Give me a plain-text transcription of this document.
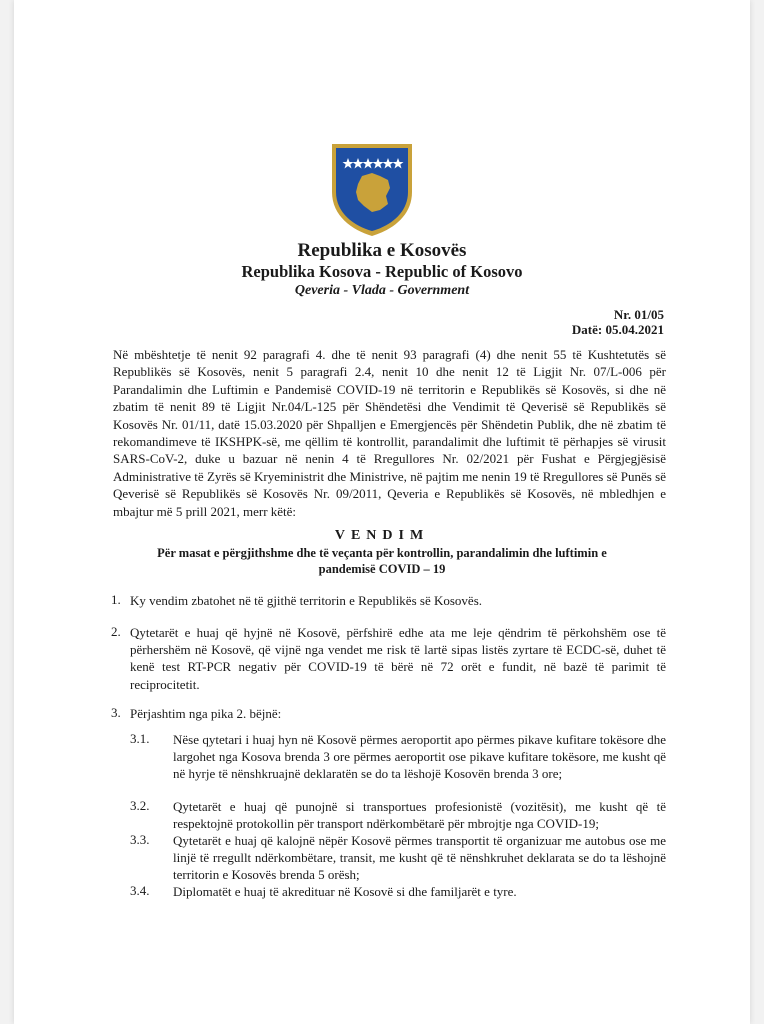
Republika e Kosovës
Republika Kosova - Republic of Kosovo
Qeveria - Vlada - Government
Nr. 01/05
Datë: 05.04.2021
Në mbështetje të nenit 92 paragrafi 4. dhe të nenit 93 paragrafi (4) dhe nenit 55 të Kushtetutës së Republikës së Kosovës, nenit 5 paragrafi 2.4, nenit 10 dhe nenit 12 të Ligjit Nr. 07/L-006 për Parandalimin dhe Luftimin e Pandemisë COVID-19 në territorin e Republikës së Kosovës, si dhe në zbatim të nenit 89 të Ligjit Nr.04/L-125 për Shëndetësi dhe Vendimit të Qeverisë së Republikës së Kosovës Nr. 01/11, datë 15.03.2020 për Shpalljen e Emergjencës për Shëndetin Publik, dhe në zbatim të rekomandimeve të IKSHPK-së, me qëllim të kontrollit, parandalimit dhe luftimit të përhapjes së virusit SARS-CoV-2, duke u bazuar në nenin 4 të Rregullores Nr. 02/2021 për Fushat e Përgjegjësisë Administrative të Zyrës së Kryeministrit dhe Ministrive, në pajtim me nenin 19 të Rregullores së Punës së Qeverisë së Republikës së Kosovës Nr. 09/2011, Qeveria e Republikës së Kosovës, në mbledhjen e mbajtur më 5 prill 2021, merr këtë:
VENDIM
Për masat e përgjithshme dhe të veçanta për kontrollin, parandalimin dhe luftimin e pandemisë COVID – 19
1. Ky vendim zbatohet në të gjithë territorin e Republikës së Kosovës.
2. Qytetarët e huaj që hyjnë në Kosovë, përfshirë edhe ata me leje qëndrim të përkohshëm ose të përhershëm në Kosovë, që vijnë nga vendet me risk të lartë sipas listës zyrtare të ECDC-së, duhet të kenë test RT-PCR negativ për COVID-19 të bërë në 72 orët e fundit, në bazë të parimit të reciprocitetit.
3. Përjashtim nga pika 2. bëjnë:
3.1. Nëse qytetari i huaj hyn në Kosovë përmes aeroportit apo përmes pikave kufitare tokësore dhe largohet nga Kosova brenda 3 ore përmes aeroportit ose pikave kufitare tokësore, me kusht që në hyrje të nënshkruajnë deklaratën se do ta lëshojë Kosovën brenda 3 ore;
3.2. Qytetarët e huaj që punojnë si transportues profesionistë (vozitësit), me kusht që të respektojnë protokollin për transport ndërkombëtarë për mbrojtje nga COVID-19;
3.3. Qytetarët e huaj që kalojnë nëpër Kosovë përmes transportit të organizuar me autobus ose me linjë të rregullt ndërkombëtare, transit, me kusht që të nënshkruhet deklarata se do ta lëshojnë territorin e Kosovës brenda 5 orësh;
3.4. Diplomatët e huaj të akredituar në Kosovë si dhe familjarët e tyre.
